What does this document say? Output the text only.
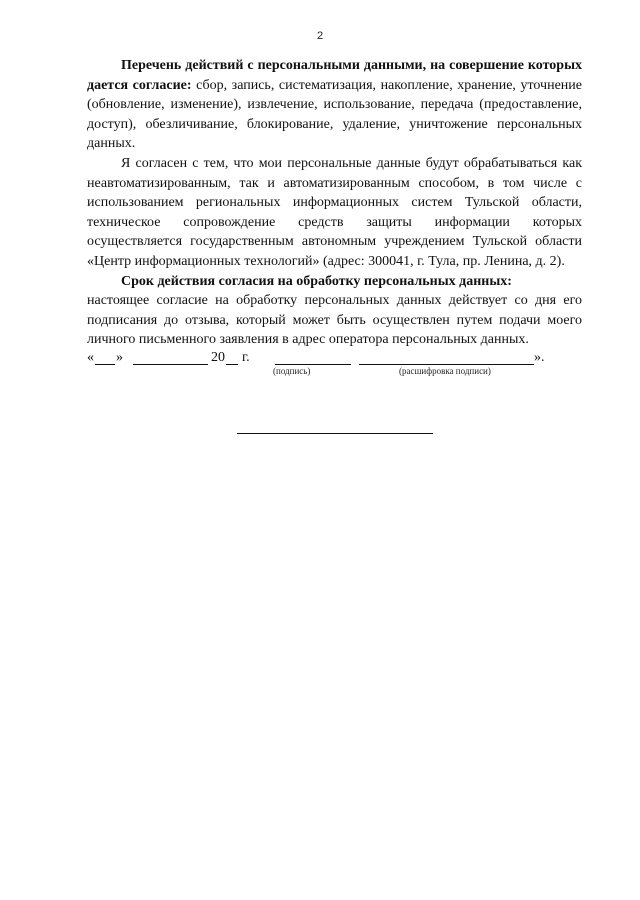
2

Перечень действий с персональными данными, на совершение которых дается согласие: сбор, запись, систематизация, накопление, хранение, уточнение (обновление, изменение), извлечение, использование, передача (предоставление, доступ), обезличивание, блокирование, удаление, уничтожение персональных данных.

Я согласен с тем, что мои персональные данные будут обрабатываться как неавтоматизированным, так и автоматизированным способом, в том числе с использованием региональных информационных систем Тульской области, техническое сопровождение средств защиты информации которых осуществляется государственным автономным учреждением Тульской области «Центр информационных технологий» (адрес: 300041, г. Тула, пр. Ленина, д. 2).

Срок действия согласия на обработку персональных данных:

настоящее согласие на обработку персональных данных действует со дня его подписания до отзыва, который может быть осуществлен путем подачи моего личного письменного заявления в адрес оператора персональных данных.

« »	20 г.	».
(подпись)	(расшифровка подписи)
